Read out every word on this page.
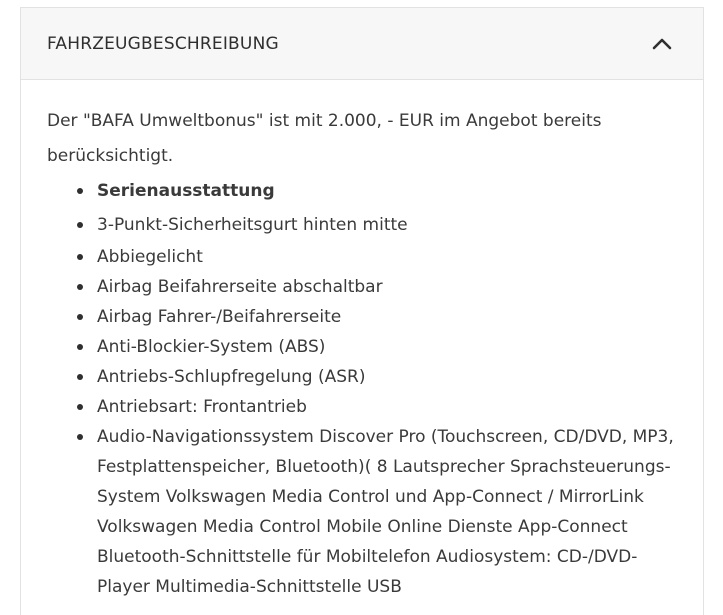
FAHRZEUGBESCHREIBUNG

Der "BAFA Umweltbonus" ist mit 2.000, - EUR im Angebot bereits berücksichtigt.

Serienausstattung
3-Punkt-Sicherheitsgurt hinten mitte
Abbiegelicht
Airbag Beifahrerseite abschaltbar
Airbag Fahrer-/Beifahrerseite
Anti-Blockier-System (ABS)
Antriebs-Schlupfregelung (ASR)
Antriebsart: Frontantrieb
Audio-Navigationssystem Discover Pro (Touchscreen, CD/DVD, MP3, Festplattenspeicher, Bluetooth)( 8 Lautsprecher Sprachsteuerungs-System Volkswagen Media Control und App-Connect / MirrorLink Volkswagen Media Control Mobile Online Dienste App-Connect Bluetooth-Schnittstelle für Mobiltelefon Audiosystem: CD-/DVD-Player Multimedia-Schnittstelle USB
